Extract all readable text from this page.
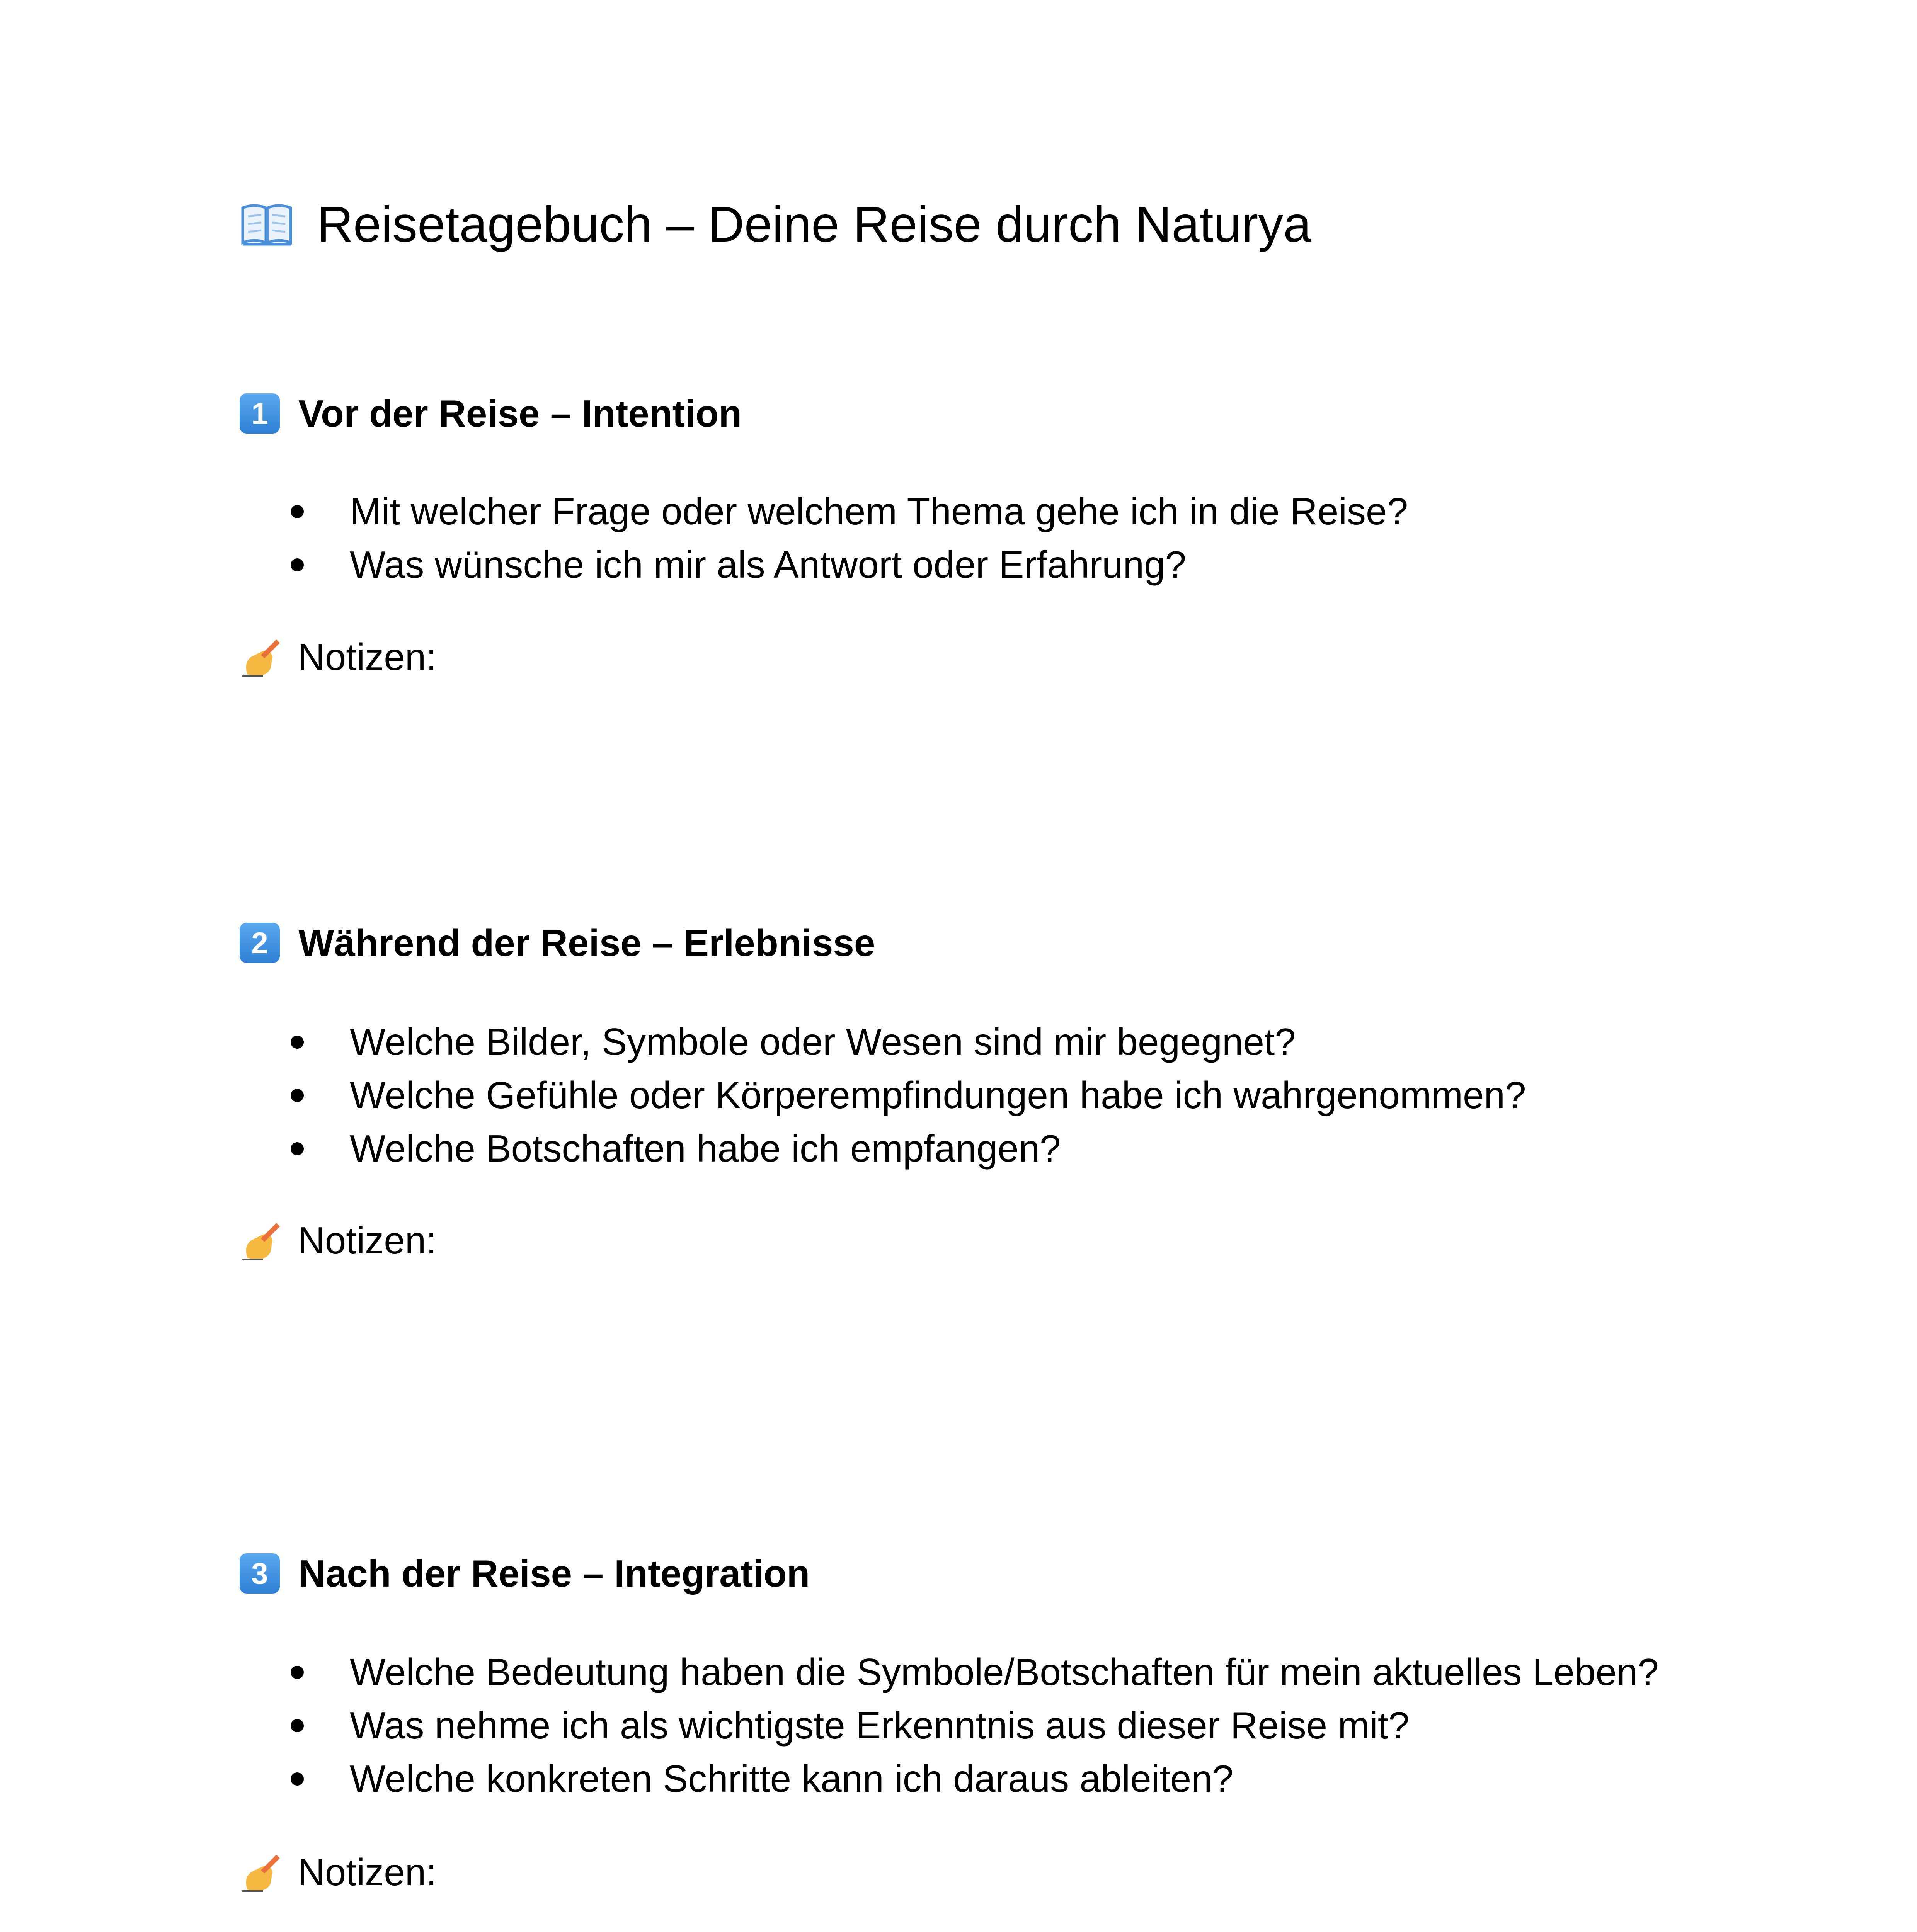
Reisetagebuch – Deine Reise durch Naturya
1 Vor der Reise – Intention
Mit welcher Frage oder welchem Thema gehe ich in die Reise?
Was wünsche ich mir als Antwort oder Erfahrung?
Notizen:
2 Während der Reise – Erlebnisse
Welche Bilder, Symbole oder Wesen sind mir begegnet?
Welche Gefühle oder Körperempfindungen habe ich wahrgenommen?
Welche Botschaften habe ich empfangen?
Notizen:
3 Nach der Reise – Integration
Welche Bedeutung haben die Symbole/Botschaften für mein aktuelles Leben?
Was nehme ich als wichtigste Erkenntnis aus dieser Reise mit?
Welche konkreten Schritte kann ich daraus ableiten?
Notizen:
